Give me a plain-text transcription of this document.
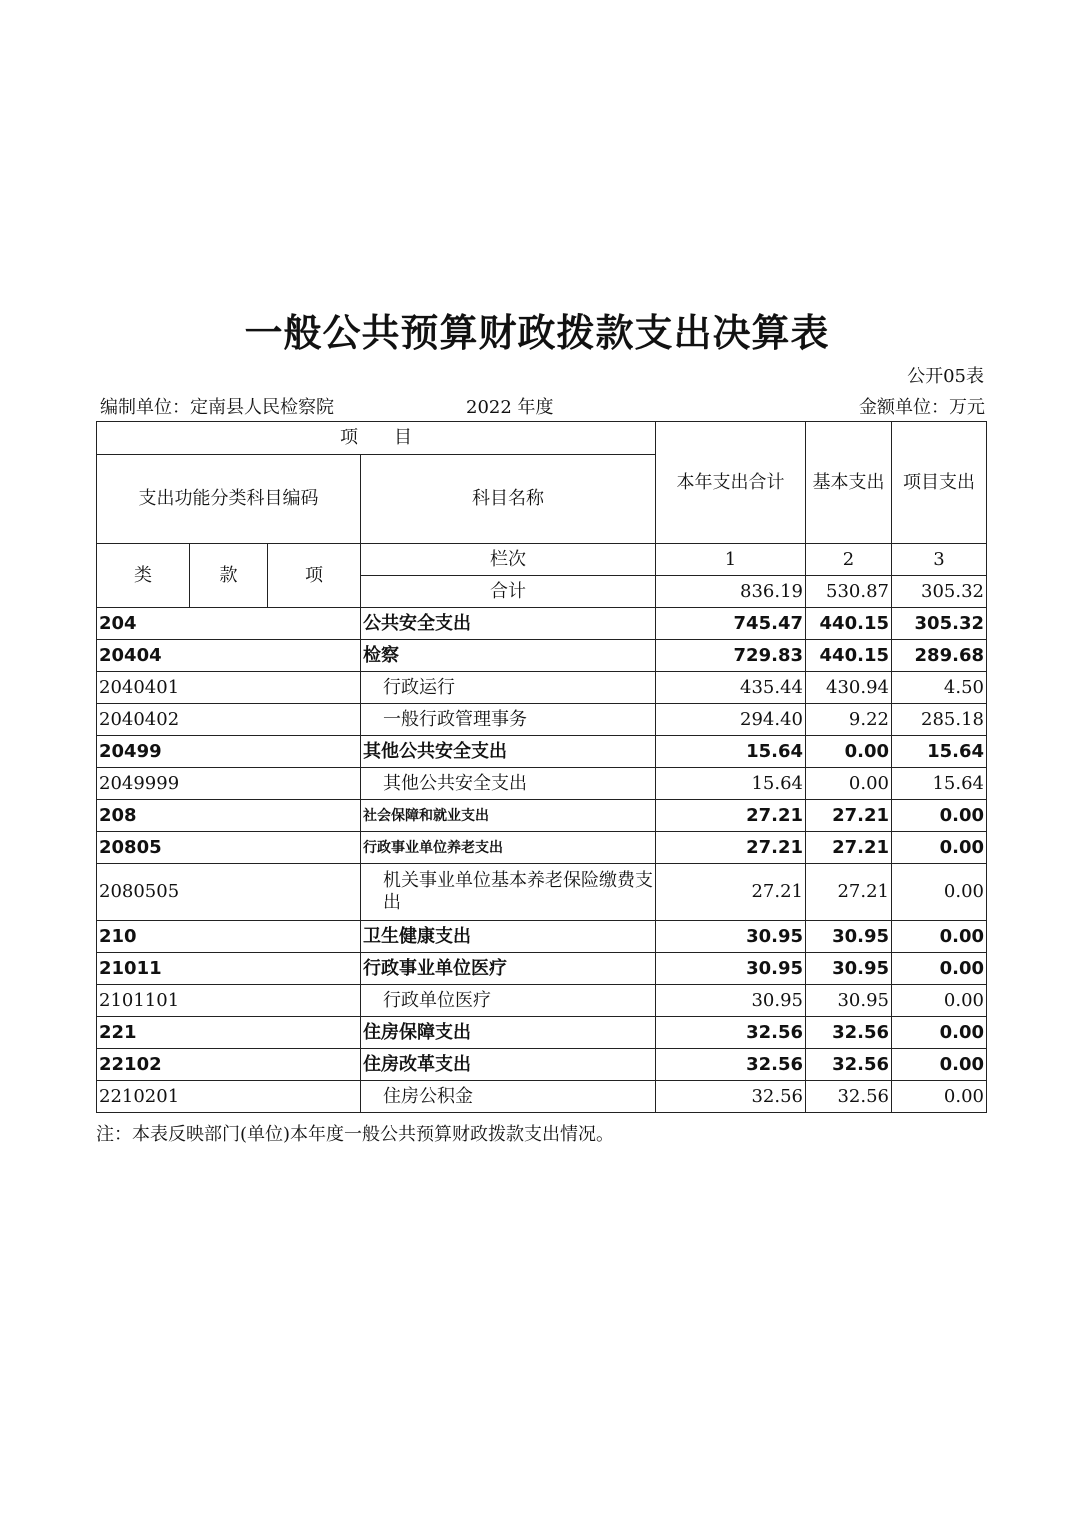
一般公共预算财政拨款支出决算表
公开05表
编制单位：定南县人民检察院	2022 年度	金额单位：万元
项　　目				本年支出合计	基本支出	项目支出
支出功能分类科目编码			科目名称			
类	款	项	栏次	1	2	3
			合计	836.19	530.87	305.32
204			公共安全支出	745.47	440.15	305.32
20404			检察	729.83	440.15	289.68
2040401			行政运行	435.44	430.94	4.50
2040402			一般行政管理事务	294.40	9.22	285.18
20499			其他公共安全支出	15.64	0.00	15.64
2049999			其他公共安全支出	15.64	0.00	15.64
208			社会保障和就业支出	27.21	27.21	0.00
20805			行政事业单位养老支出	27.21	27.21	0.00
2080505			机关事业单位基本养老保险缴费支出	27.21	27.21	0.00
210			卫生健康支出	30.95	30.95	0.00
21011			行政事业单位医疗	30.95	30.95	0.00
2101101			行政单位医疗	30.95	30.95	0.00
221			住房保障支出	32.56	32.56	0.00
22102			住房改革支出	32.56	32.56	0.00
2210201			住房公积金	32.56	32.56	0.00
注：本表反映部门(单位)本年度一般公共预算财政拨款支出情况。
